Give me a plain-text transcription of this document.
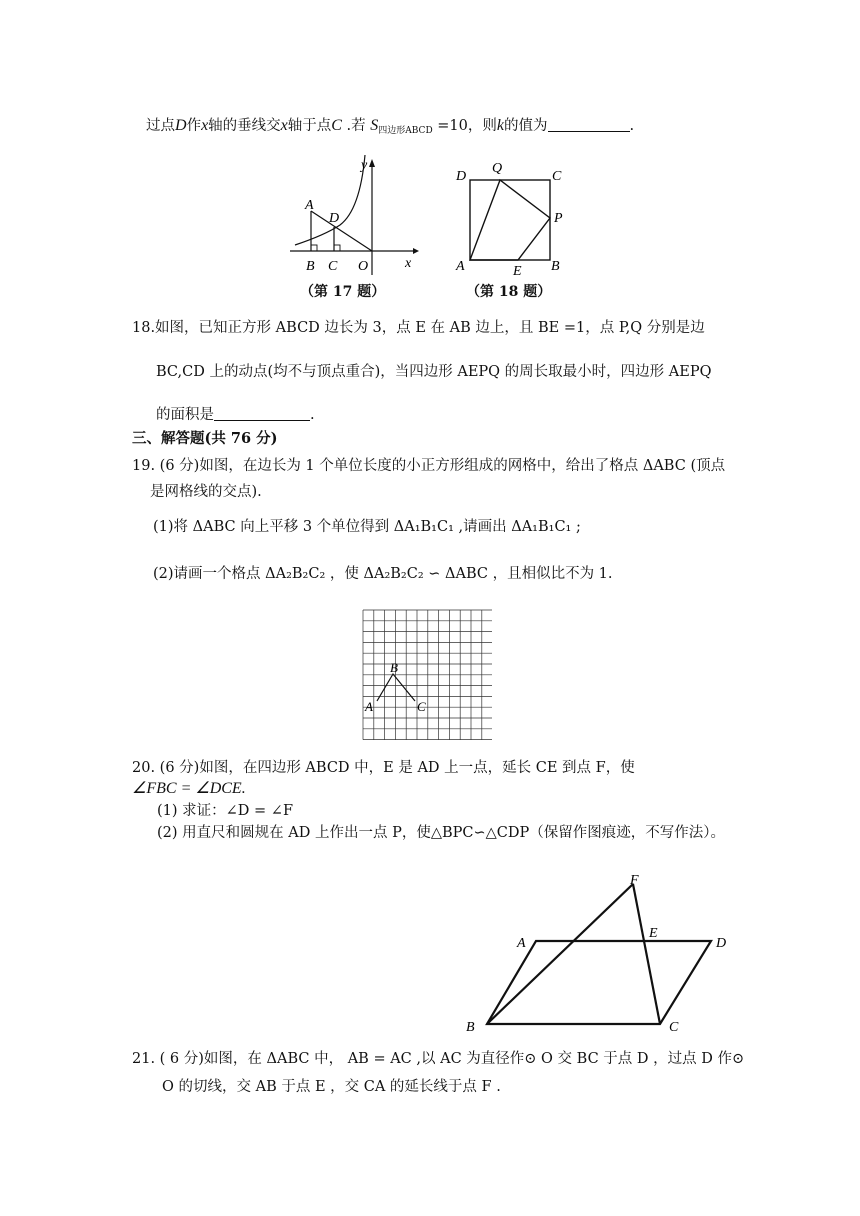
过点D作x轴的垂线交x轴于点C .若 $S_{四边形ABCD} =10$，则k的值为	.
y
A
D
B C O	x
（第 17 题）
D
Q
C
P
A	E B
（第 18 题）
18.如图，已知正方形 ABCD 边长为 3，点 E 在 AB 边上，且 BE =1，点 P,Q 分别是边
BC,CD 上的动点(均不与顶点重合)，当四边形 AEPQ 的周长取最小时，四边形 AEPQ
的面积是	.
三、解答题(共 76 分)
19. (6 分)如图，在边长为 1 个单位长度的小正方形组成的网格中，给出了格点 ΔABC (顶点
是网格线的交点).
(1)将 ΔABC 向上平移 3 个单位得到 ΔA₁B₁C₁ ,请画出 ΔA₁B₁C₁ ;
(2)请画一个格点 ΔA₂B₂C₂ ，使 ΔA₂B₂C₂ ∽ ΔABC ，且相似比不为 1.
A
B
C
20. (6 分)如图，在四边形 ABCD 中，E 是 AD 上一点，延长 CE 到点 F，使
∠FBC = ∠DCE.
(1) 求证：∠D = ∠F
(2) 用直尺和圆规在 AD 上作出一点 P，使△BPC∽△CDP（保留作图痕迹，不写作法）。
F
A
E
D
B	C
21. ( 6 分)如图，在 ΔABC 中， AB = AC ,以 AC 为直径作⊙ O 交 BC 于点 D ，过点 D 作⊙
O 的切线，交 AB 于点 E ，交 CA 的延长线于点 F .
